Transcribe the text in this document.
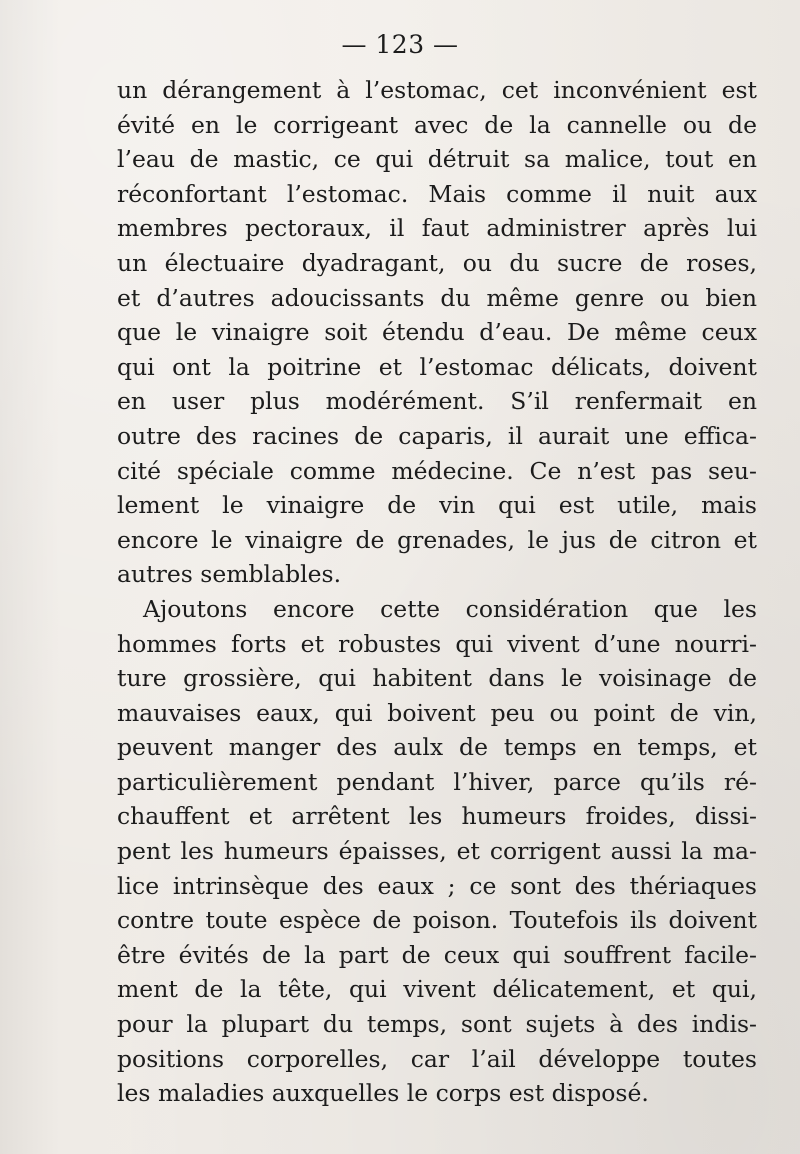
— 123 —
un dérangement à l’estomac, cet inconvénient est
évité en le corrigeant avec de la cannelle ou de
l’eau de mastic, ce qui détruit sa malice, tout en
réconfortant l’estomac. Mais comme il nuit aux
membres pectoraux, il faut administrer après lui
un électuaire dyadragant, ou du sucre de roses,
et d’autres adoucissants du même genre ou bien
que le vinaigre soit étendu d’eau. De même ceux
qui ont la poitrine et l’estomac délicats, doivent
en user plus modérément. S’il renfermait en
outre des racines de caparis, il aurait une effica-
cité spéciale comme médecine. Ce n’est pas seu-
lement le vinaigre de vin qui est utile, mais
encore le vinaigre de grenades, le jus de citron et
autres semblables.
Ajoutons encore cette considération que les
hommes forts et robustes qui vivent d’une nourri-
ture grossière, qui habitent dans le voisinage de
mauvaises eaux, qui boivent peu ou point de vin,
peuvent manger des aulx de temps en temps, et
particulièrement pendant l’hiver, parce qu’ils ré-
chauffent et arrêtent les humeurs froides, dissi-
pent les humeurs épaisses, et corrigent aussi la ma-
lice intrinsèque des eaux ; ce sont des thériaques
contre toute espèce de poison. Toutefois ils doivent
être évités de la part de ceux qui souffrent facile-
ment de la tête, qui vivent délicatement, et qui,
pour la plupart du temps, sont sujets à des indis-
positions corporelles, car l’ail développe toutes
les maladies auxquelles le corps est disposé.
